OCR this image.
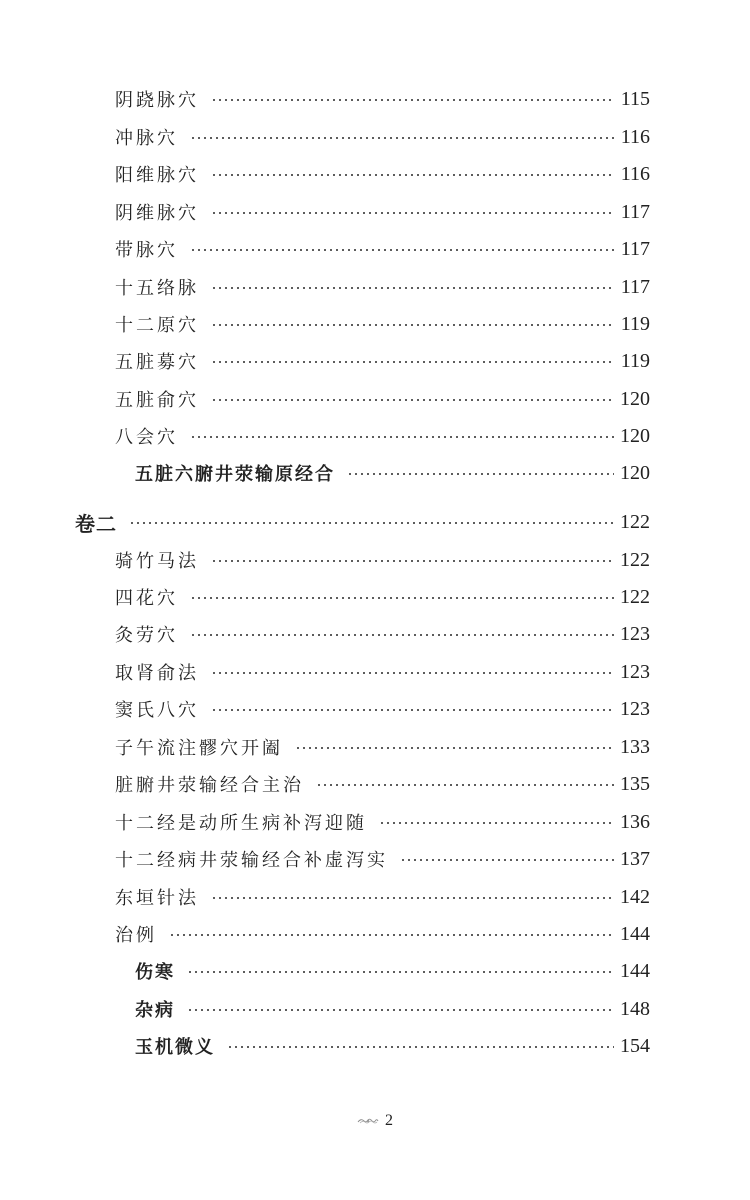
阴跷脉穴	115
冲脉穴	116
阳维脉穴	116
阴维脉穴	117
带脉穴	117
十五络脉	117
十二原穴	119
五脏募穴	119
五脏俞穴	120
八会穴	120
五脏六腑井荥输原经合	120
卷二	122
骑竹马法	122
四花穴	122
灸劳穴	123
取肾俞法	123
窦氏八穴	123
子午流注髎穴开阖	133
脏腑井荥输经合主治	135
十二经是动所生病补泻迎随	136
十二经病井荥输经合补虚泻实	137
东垣针法	142
治例	144
伤寒	144
杂病	148
玉机微义	154
2
